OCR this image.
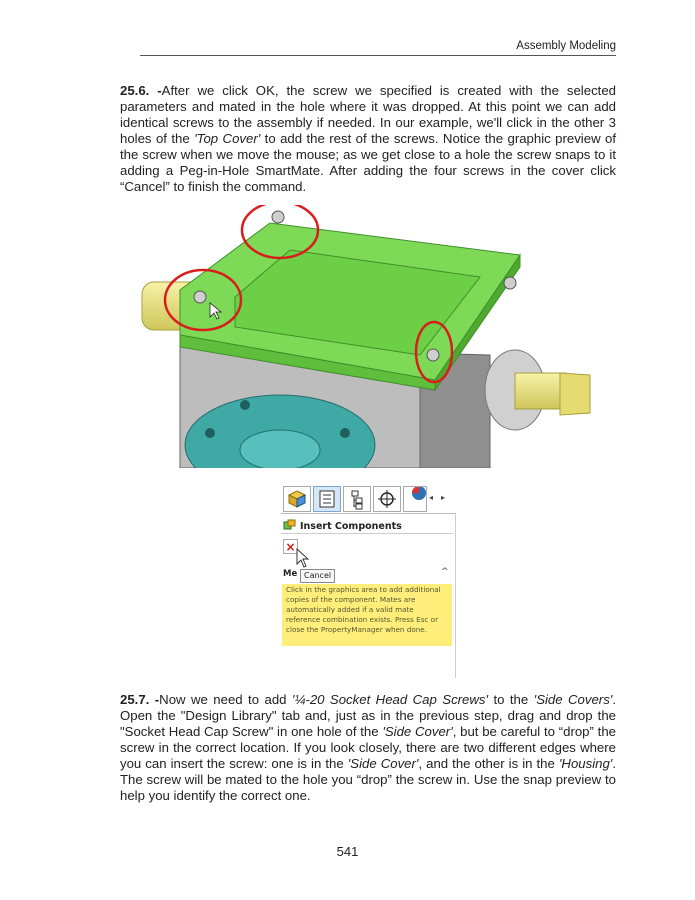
Assembly Modeling

25.6. -After we click OK, the screw we specified is created with the selected parameters and mated in the hole where it was dropped. At this point we can add identical screws to the assembly if needed. In our example, we'll click in the other 3 holes of the 'Top Cover' to add the rest of the screws. Notice the graphic preview of the screw when we move the mouse; as we get close to a hole the screw snaps to it adding a Peg-in-Hole SmartMate. After adding the four screws in the cover click “Cancel” to finish the command.

◂ ▸
Insert Components
×
Me Cancel	^
Click in the graphics area to add additional copies of the component. Mates are automatically added if a valid mate reference combination exists. Press Esc or close the PropertyManager when done.

25.7. -Now we need to add '¼-20 Socket Head Cap Screws' to the 'Side Covers'. Open the "Design Library" tab and, just as in the previous step, drag and drop the "Socket Head Cap Screw" in one hole of the 'Side Cover', but be careful to “drop” the screw in the correct location. If you look closely, there are two different edges where you can insert the screw: one is in the 'Side Cover', and the other is in the 'Housing'. The screw will be mated to the hole you “drop” the screw in. Use the snap preview to help you identify the correct one.

541
